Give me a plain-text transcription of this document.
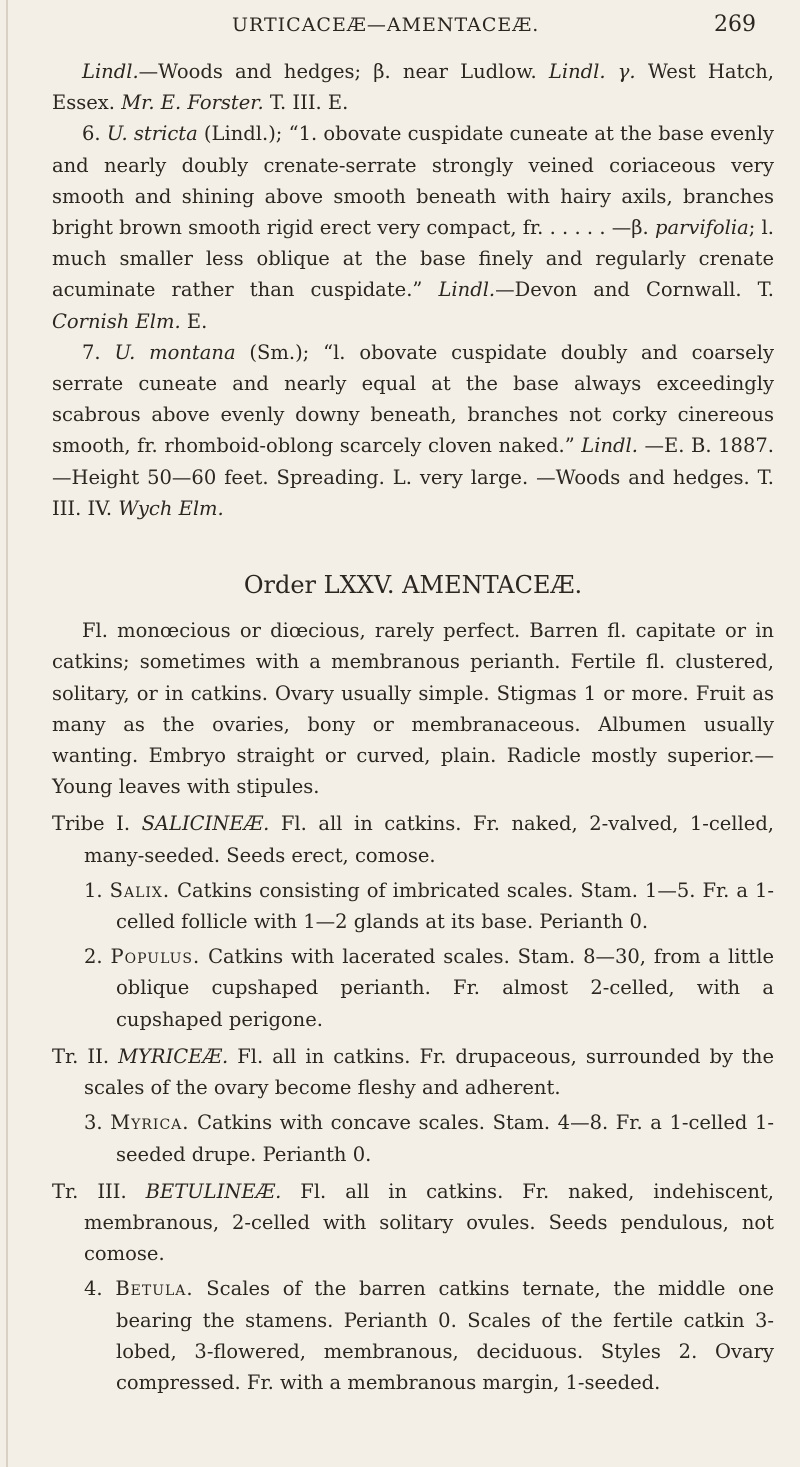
URTICACEÆ—AMENTACEÆ.	269

Lindl.—Woods and hedges; β. near Ludlow. Lindl. γ. West Hatch, Essex. Mr. E. Forster. T. III. E.

6. U. stricta (Lindl.); “1. obovate cuspidate cuneate at the base evenly and nearly doubly crenate-serrate strongly veined coriaceous very smooth and shining above smooth beneath with hairy axils, branches bright brown smooth rigid erect very compact, fr. . . . . . —β. parvifolia; l. much smaller less oblique at the base finely and regularly crenate acuminate rather than cuspidate.” Lindl.—Devon and Cornwall. T. Cornish Elm. E.

7. U. montana (Sm.); “l. obovate cuspidate doubly and coarsely serrate cuneate and nearly equal at the base always exceedingly scabrous above evenly downy beneath, branches not corky cinereous smooth, fr. rhomboid-oblong scarcely cloven naked.” Lindl. —E. B. 1887.—Height 50—60 feet. Spreading. L. very large. —Woods and hedges. T. III. IV. Wych Elm.

Order LXXV. AMENTACEÆ.

Fl. monœcious or diœcious, rarely perfect. Barren fl. capitate or in catkins; sometimes with a membranous perianth. Fertile fl. clustered, solitary, or in catkins. Ovary usually simple. Stigmas 1 or more. Fruit as many as the ovaries, bony or membranaceous. Albumen usually wanting. Embryo straight or curved, plain. Radicle mostly superior.—Young leaves with stipules.

Tribe I. SALICINEÆ. Fl. all in catkins. Fr. naked, 2-valved, 1-celled, many-seeded. Seeds erect, comose.

1. Salix. Catkins consisting of imbricated scales. Stam. 1—5. Fr. a 1-celled follicle with 1—2 glands at its base. Perianth 0.

2. Populus. Catkins with lacerated scales. Stam. 8—30, from a little oblique cupshaped perianth. Fr. almost 2-celled, with a cupshaped perigone.

Tr. II. MYRICEÆ. Fl. all in catkins. Fr. drupaceous, surrounded by the scales of the ovary become fleshy and adherent.

3. Myrica. Catkins with concave scales. Stam. 4—8. Fr. a 1-celled 1-seeded drupe. Perianth 0.

Tr. III. BETULINEÆ. Fl. all in catkins. Fr. naked, indehiscent, membranous, 2-celled with solitary ovules. Seeds pendulous, not comose.

4. Betula. Scales of the barren catkins ternate, the middle one bearing the stamens. Perianth 0. Scales of the fertile catkin 3-lobed, 3-flowered, membranous, deciduous. Styles 2. Ovary compressed. Fr. with a membranous margin, 1-seeded.
